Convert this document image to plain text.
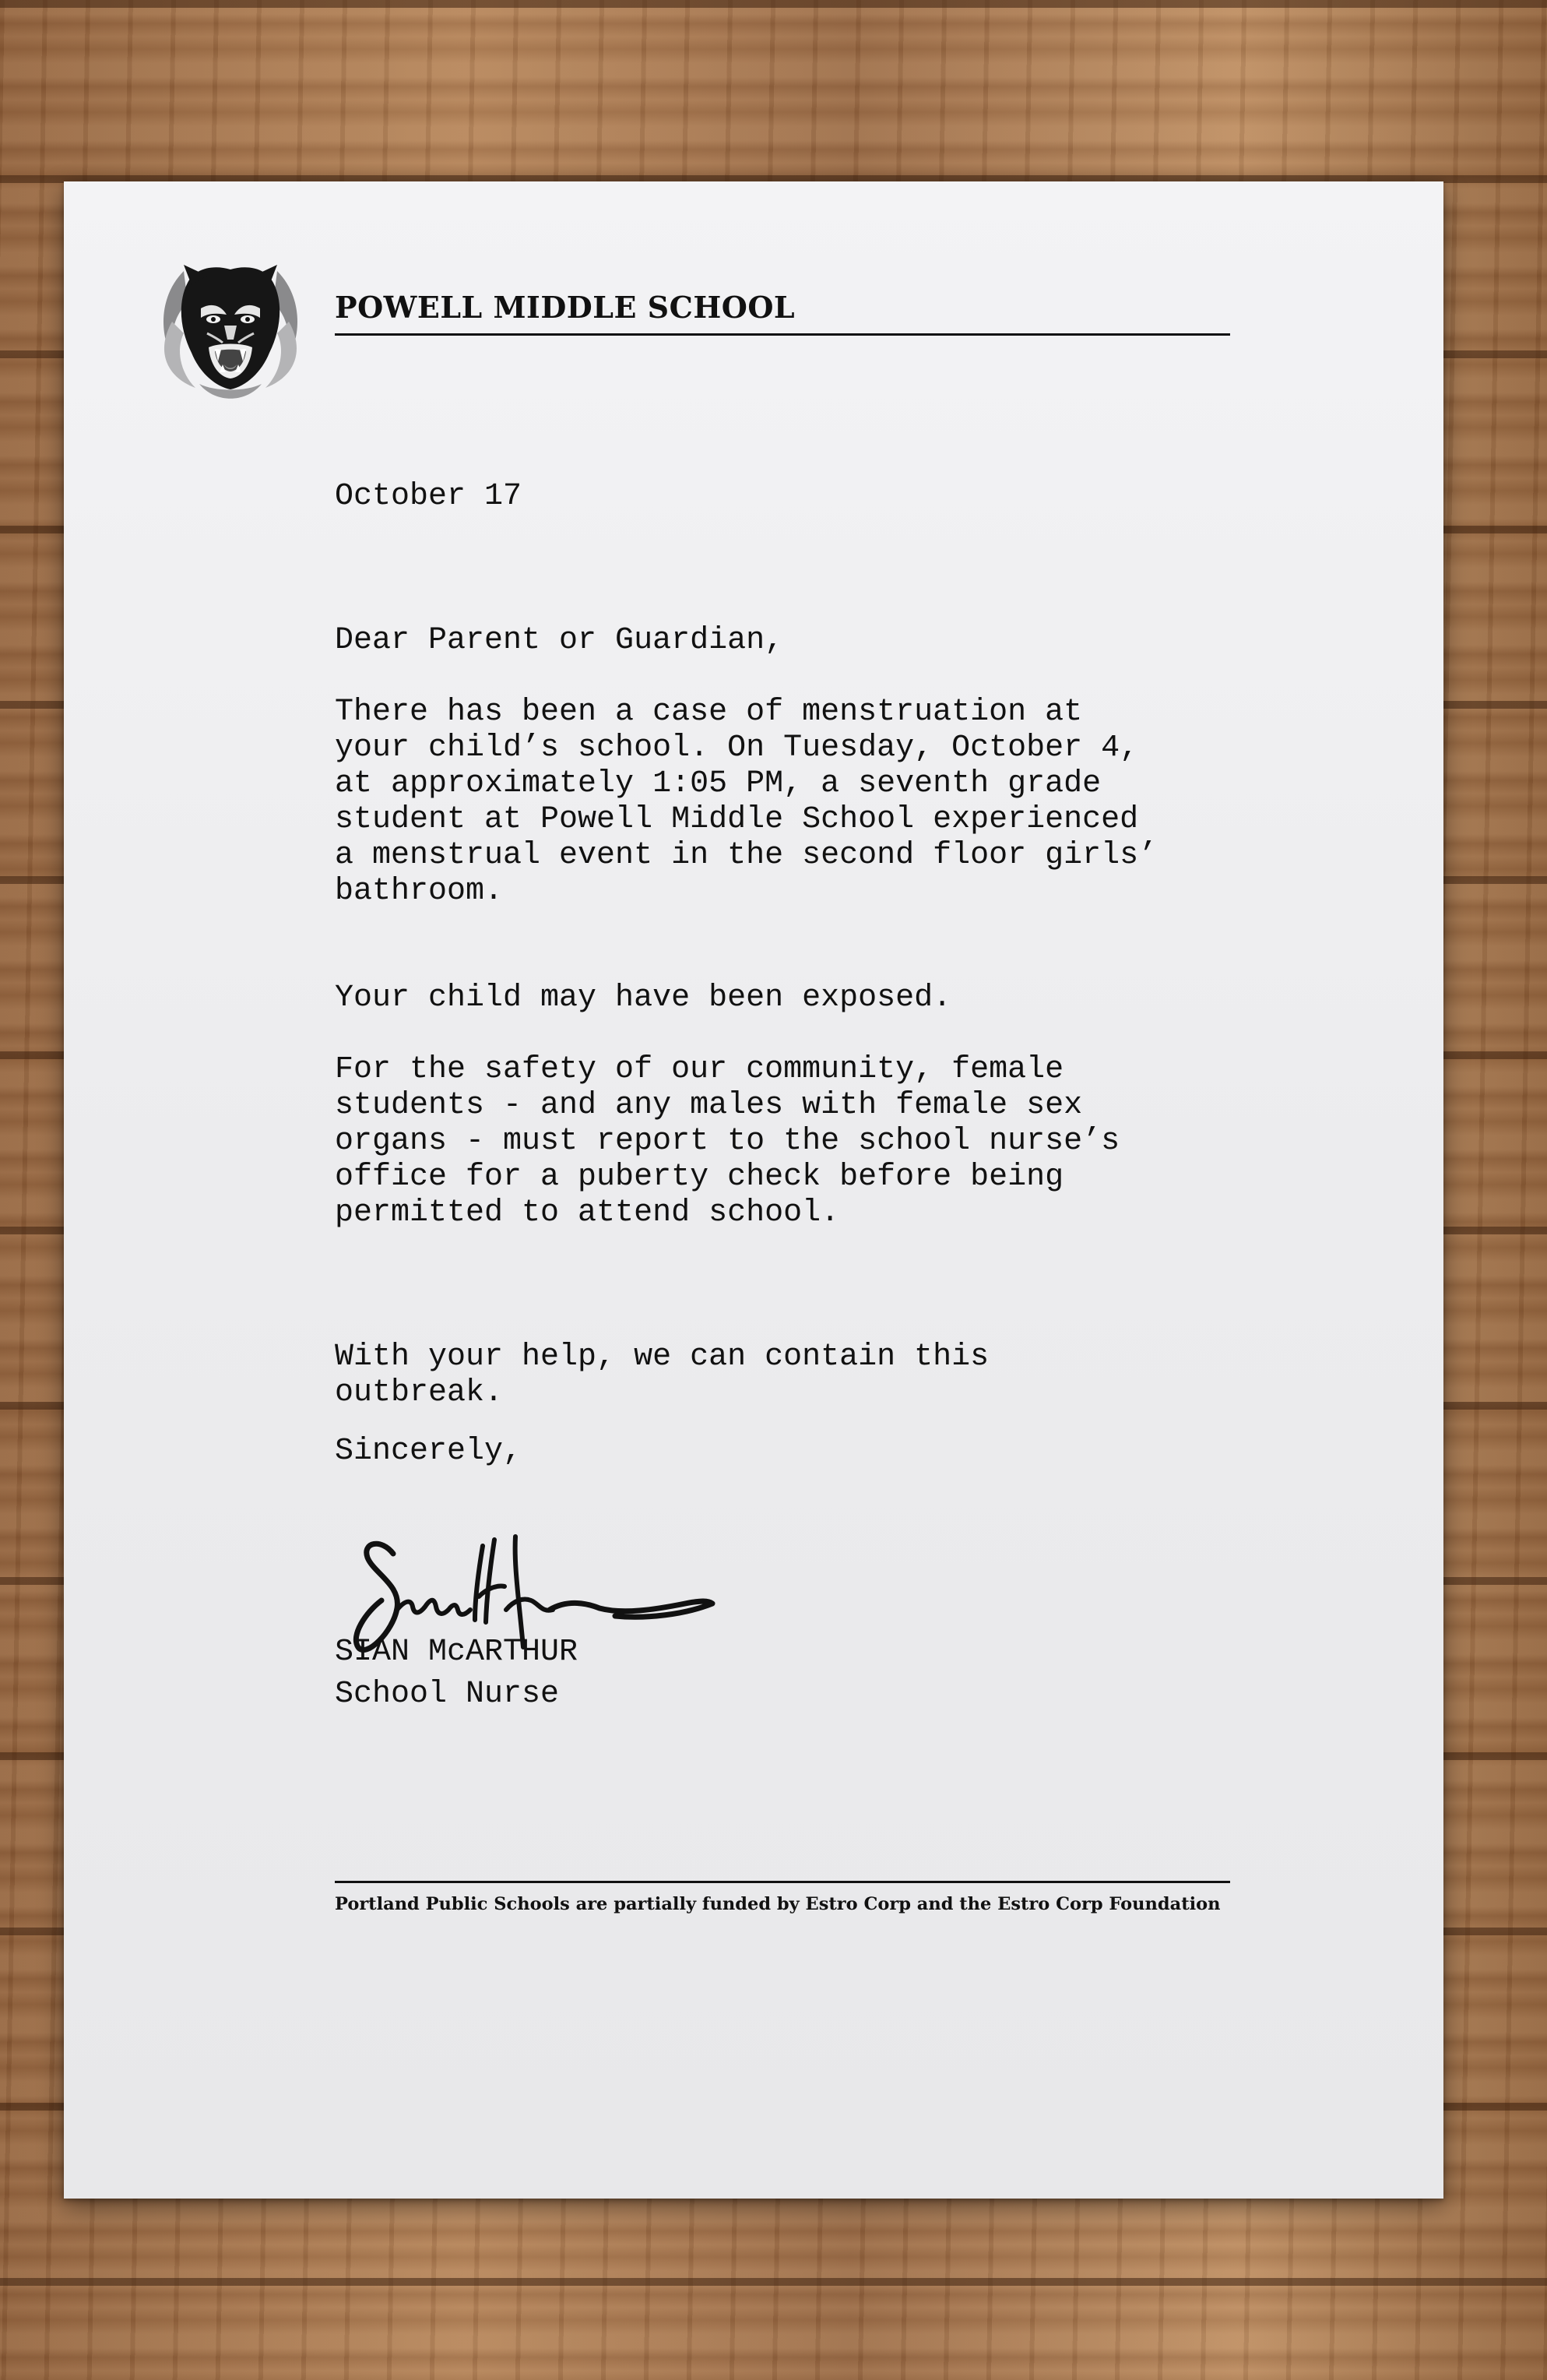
POWELL MIDDLE SCHOOL
October 17
Dear Parent or Guardian,
There has been a case of menstruation at
your child’s school. On Tuesday, October 4,
at approximately 1:05 PM, a seventh grade
student at Powell Middle School experienced
a menstrual event in the second floor girls’
bathroom.
Your child may have been exposed.
For the safety of our community, female
students - and any males with female sex
organs - must report to the school nurse’s
office for a puberty check before being
permitted to attend school.
With your help, we can contain this
outbreak.
Sincerely,
SIAN McARTHUR
School Nurse
Portland Public Schools are partially funded by Estro Corp and the Estro Corp Foundation
